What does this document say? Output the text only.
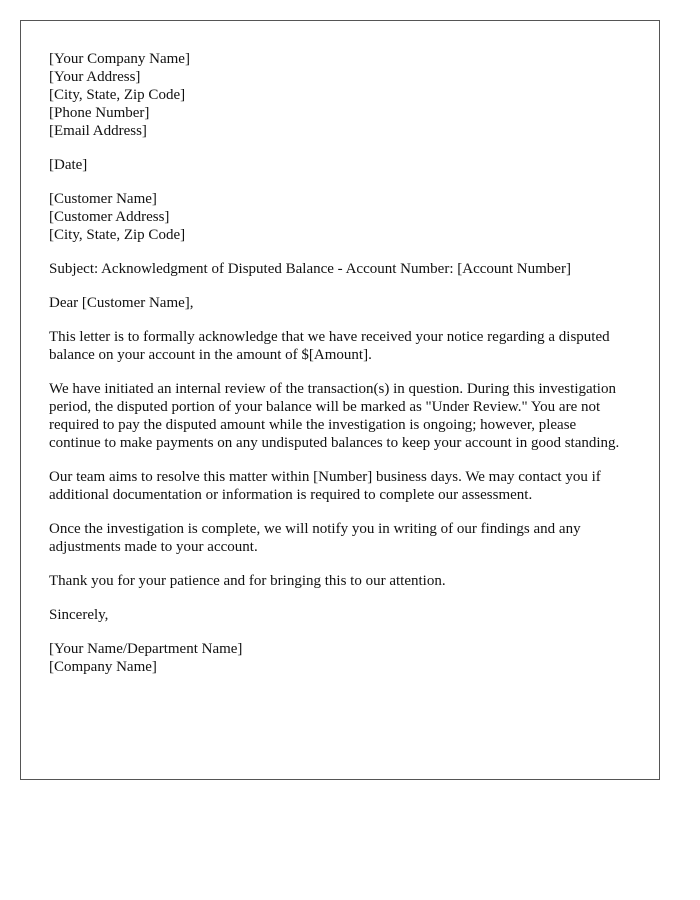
[Your Company Name]
[Your Address]
[City, State, Zip Code]
[Phone Number]
[Email Address]
[Date]
[Customer Name]
[Customer Address]
[City, State, Zip Code]

Subject: Acknowledgment of Disputed Balance - Account Number: [Account Number]

Dear [Customer Name],

This letter is to formally acknowledge that we have received your notice regarding a disputed balance on your account in the amount of $[Amount].

We have initiated an internal review of the transaction(s) in question. During this investigation period, the disputed portion of your balance will be marked as "Under Review." You are not required to pay the disputed amount while the investigation is ongoing; however, please continue to make payments on any undisputed balances to keep your account in good standing.

Our team aims to resolve this matter within [Number] business days. We may contact you if additional documentation or information is required to complete our assessment.

Once the investigation is complete, we will notify you in writing of our findings and any adjustments made to your account.

Thank you for your patience and for bringing this to our attention.

Sincerely,

[Your Name/Department Name]
[Company Name]
